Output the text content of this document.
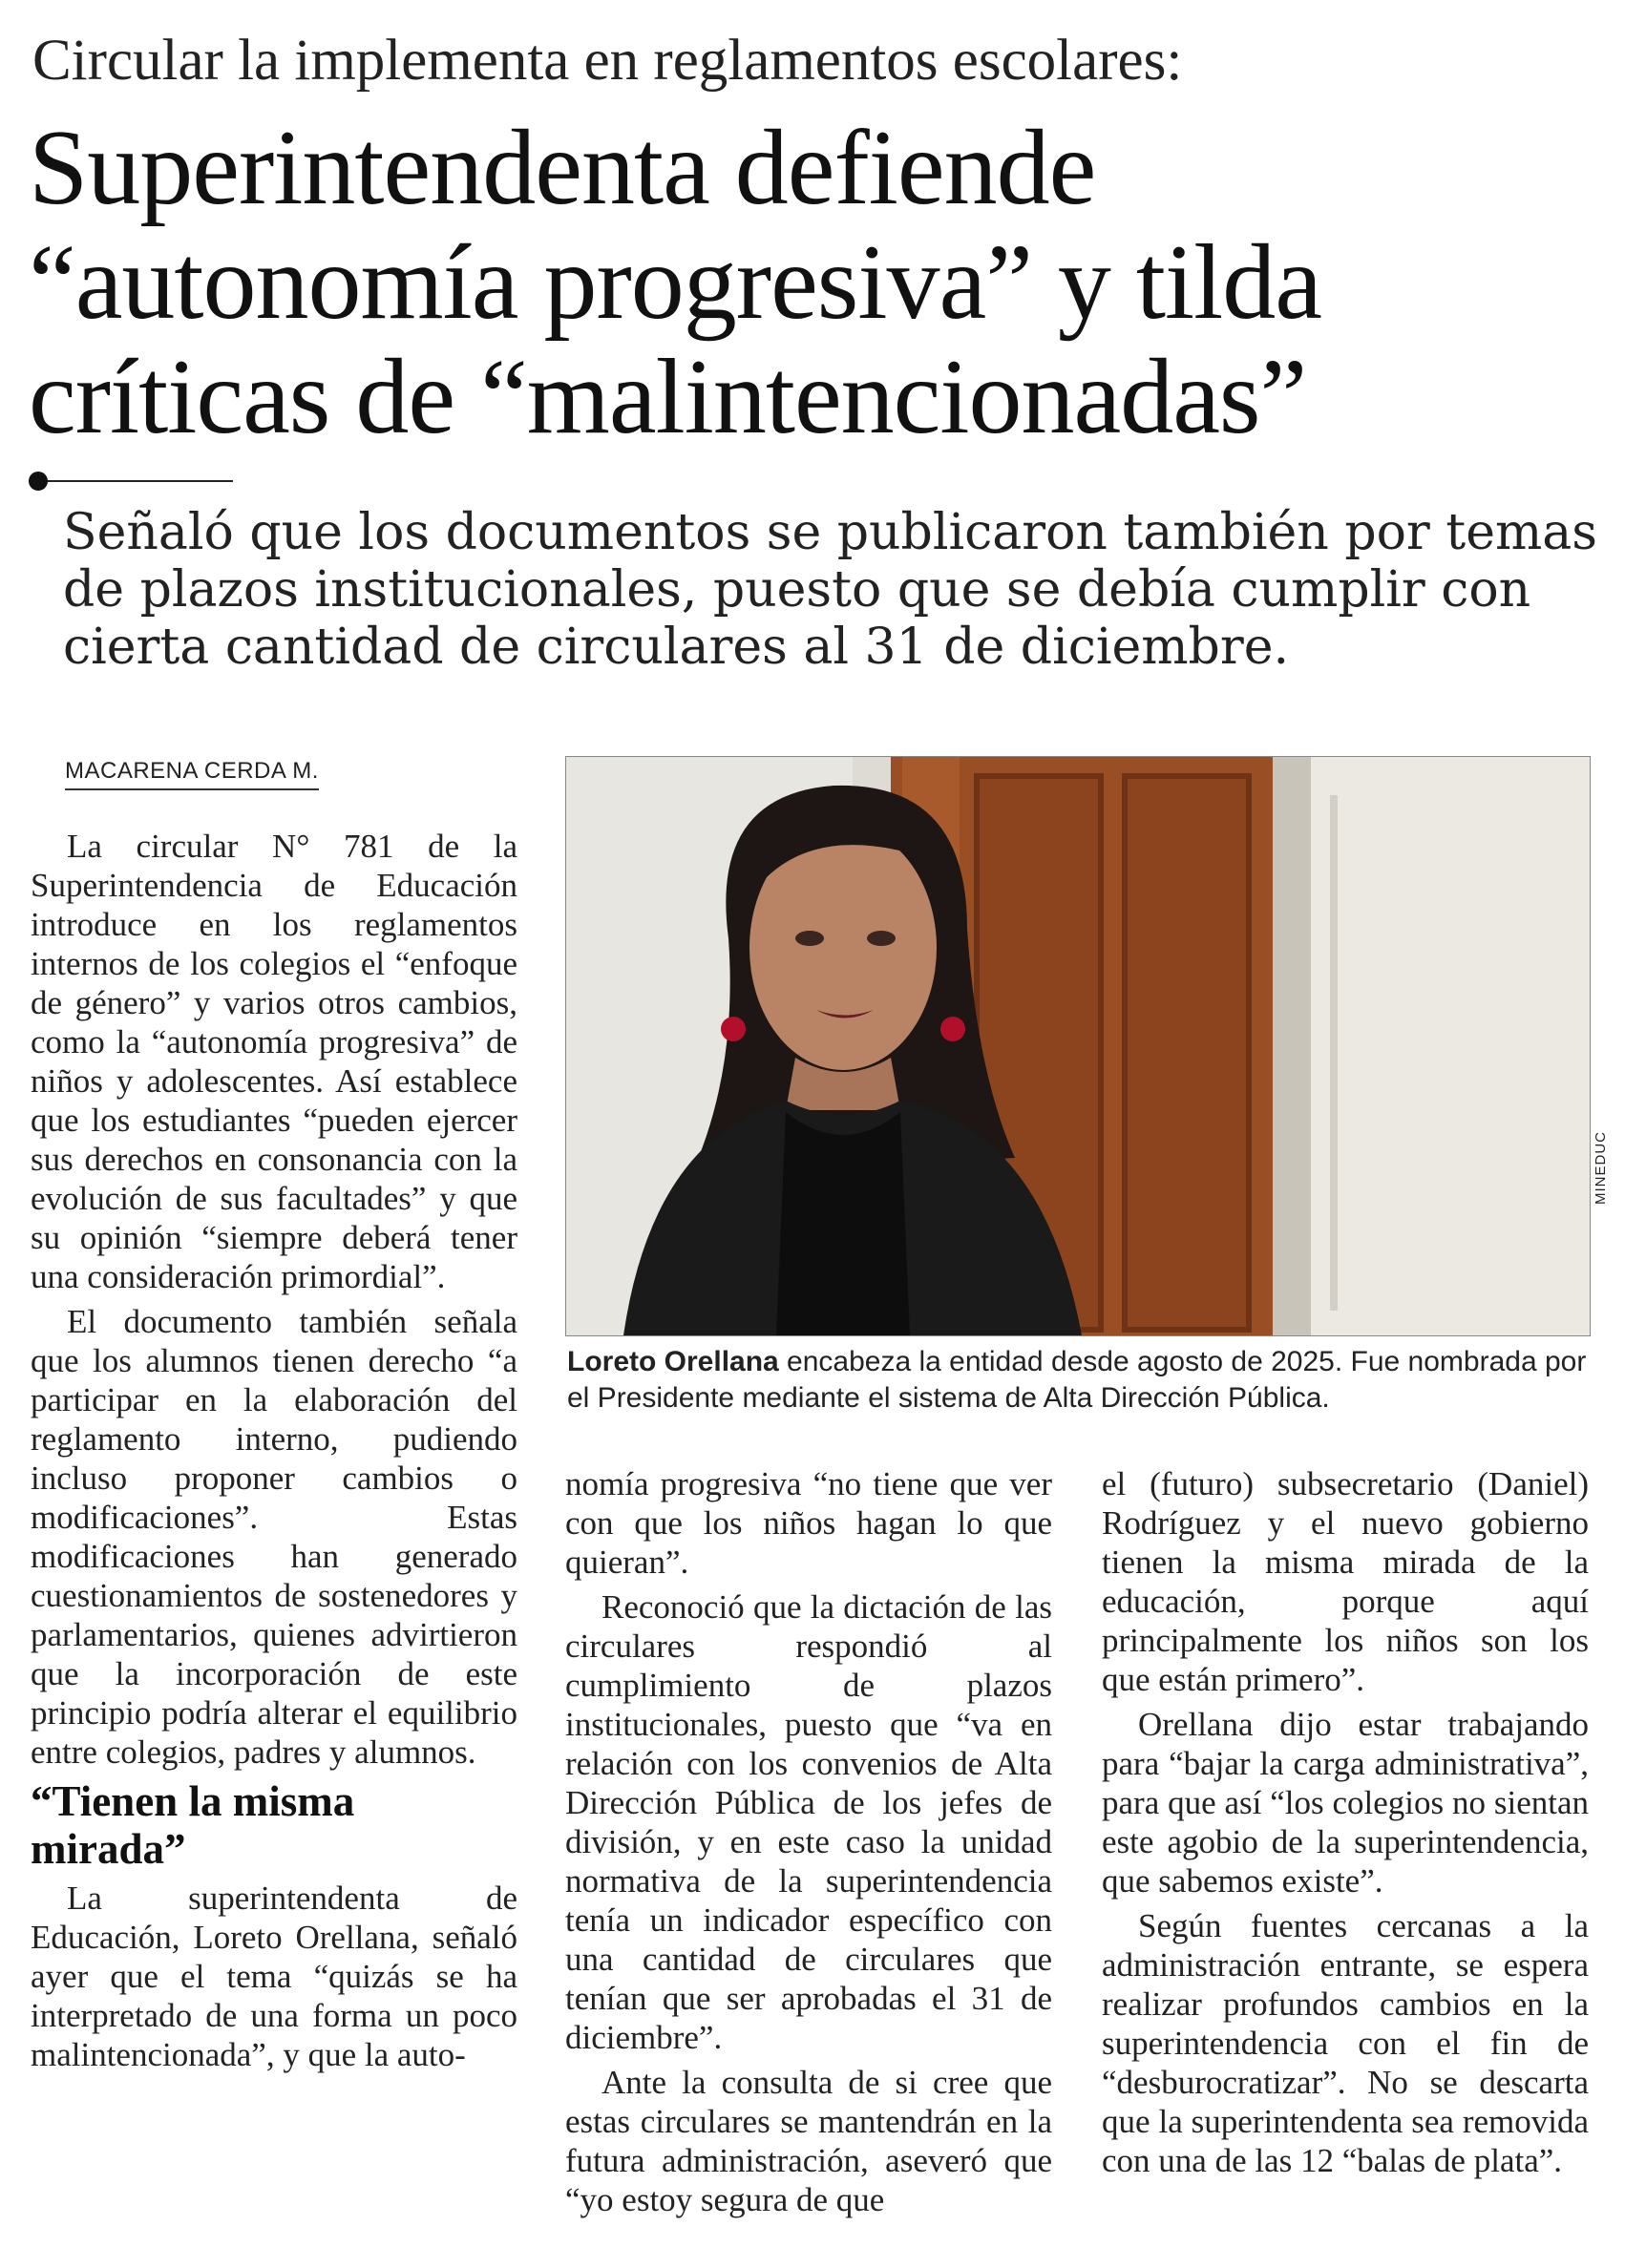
Circular la implementa en reglamentos escolares:
Superintendenta defiende
“autonomía progresiva” y tilda
críticas de “malintencionadas”
Señaló que los documentos se publicaron también por temas
de plazos institucionales, puesto que se debía cumplir con
cierta cantidad de circulares al 31 de diciembre.
MACARENA CERDA M.

La circular N° 781 de la Superintendencia de Educación introduce en los reglamentos internos de los colegios el “enfoque de género” y varios otros cambios, como la “autonomía progresiva” de niños y adolescentes. Así establece que los estudiantes “pueden ejercer sus derechos en consonancia con la evolución de sus facultades” y que su opinión “siempre deberá tener una consideración primordial”.

El documento también señala que los alumnos tienen derecho “a participar en la elaboración del reglamento interno, pudiendo incluso proponer cambios o modificaciones”. Estas modificaciones han generado cuestionamientos de sostenedores y parlamentarios, quienes advirtieron que la incorporación de este principio podría alterar el equilibrio entre colegios, padres y alumnos.

“Tienen la misma mirada”

La superintendenta de Educación, Loreto Orellana, señaló ayer que el tema “quizás se ha interpretado de una forma un poco malintencionada”, y que la auto-

MINEDUC
Loreto Orellana encabeza la entidad desde agosto de 2025. Fue nombrada por el Presidente mediante el sistema de Alta Dirección Pública.

nomía progresiva “no tiene que ver con que los niños hagan lo que quieran”.

Reconoció que la dictación de las circulares respondió al cumplimiento de plazos institucionales, puesto que “va en relación con los convenios de Alta Dirección Pública de los jefes de división, y en este caso la unidad normativa de la superintendencia tenía un indicador específico con una cantidad de circulares que tenían que ser aprobadas el 31 de diciembre”.

Ante la consulta de si cree que estas circulares se mantendrán en la futura administración, aseveró que “yo estoy segura de que

el (futuro) subsecretario (Daniel) Rodríguez y el nuevo gobierno tienen la misma mirada de la educación, porque aquí principalmente los niños son los que están primero”.

Orellana dijo estar trabajando para “bajar la carga administrativa”, para que así “los colegios no sientan este agobio de la superintendencia, que sabemos existe”.

Según fuentes cercanas a la administración entrante, se espera realizar profundos cambios en la superintendencia con el fin de “desburocratizar”. No se descarta que la superintendenta sea removida con una de las 12 “balas de plata”.
